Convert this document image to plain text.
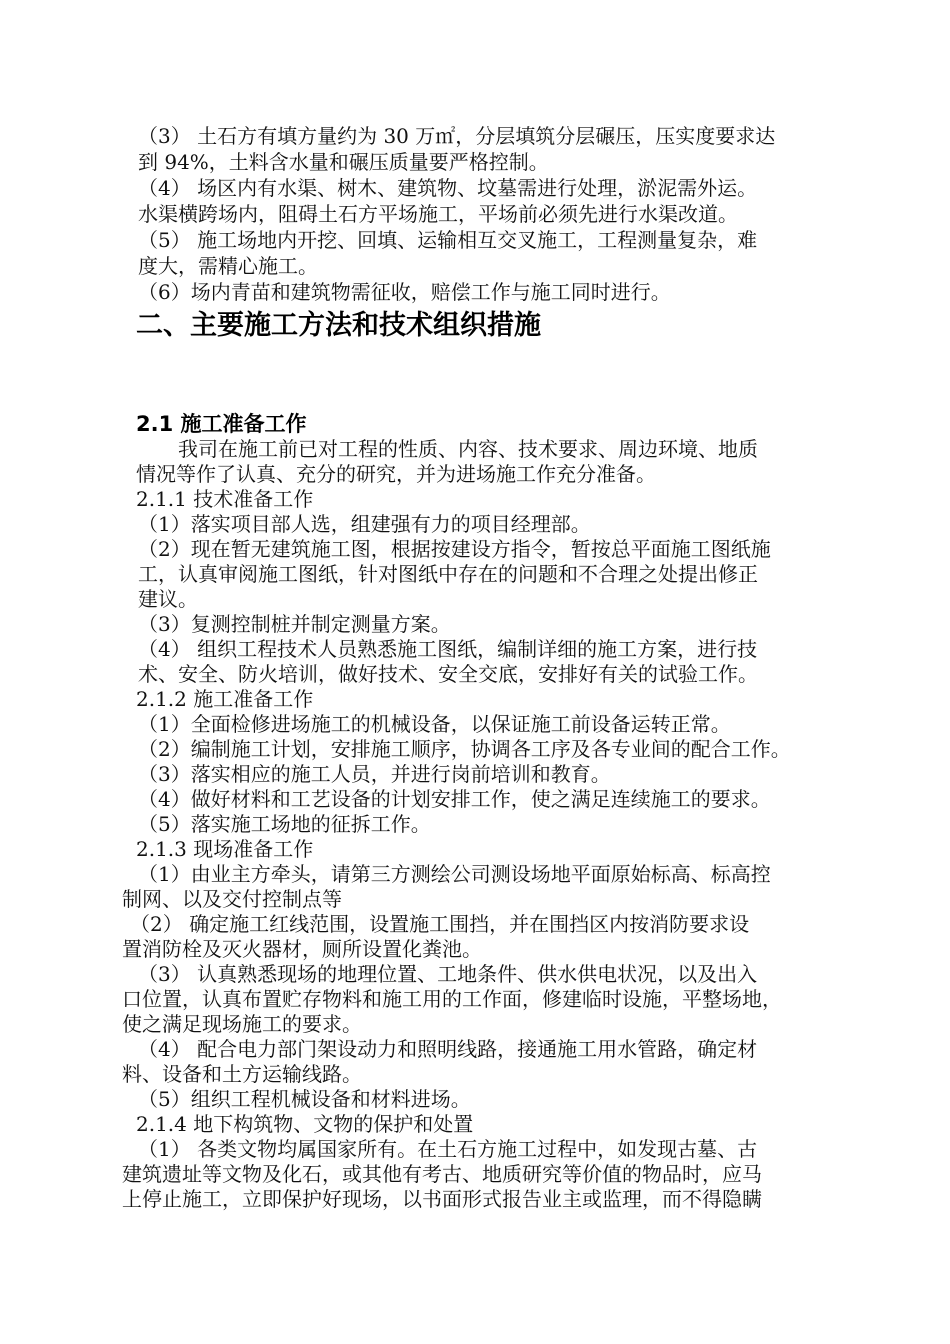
（3） 土石方有填方量约为 30 万㎡，分层填筑分层碾压，压实度要求达
到 94%，土料含水量和碾压质量要严格控制。
（4） 场区内有水渠、树木、建筑物、坟墓需进行处理，淤泥需外运。
水渠横跨场内，阻碍土石方平场施工，平场前必须先进行水渠改道。
（5） 施工场地内开挖、回填、运输相互交叉施工，工程测量复杂，难
度大，需精心施工。
（6）场内青苗和建筑物需征收，赔偿工作与施工同时进行。
二、主要施工方法和技术组织措施
2.1 施工准备工作
我司在施工前已对工程的性质、内容、技术要求、周边环境、地质
情况等作了认真、充分的研究，并为进场施工作充分准备。
2.1.1 技术准备工作
（1）落实项目部人选，组建强有力的项目经理部。
（2）现在暂无建筑施工图，根据按建设方指令，暂按总平面施工图纸施
工，认真审阅施工图纸，针对图纸中存在的问题和不合理之处提出修正
建议。
（3）复测控制桩并制定测量方案。
（4） 组织工程技术人员熟悉施工图纸，编制详细的施工方案，进行技
术、安全、防火培训，做好技术、安全交底，安排好有关的试验工作。
2.1.2 施工准备工作
（1）全面检修进场施工的机械设备，以保证施工前设备运转正常。
（2）编制施工计划，安排施工顺序，协调各工序及各专业间的配合工作。
（3）落实相应的施工人员，并进行岗前培训和教育。
（4）做好材料和工艺设备的计划安排工作，使之满足连续施工的要求。
（5）落实施工场地的征拆工作。
2.1.3 现场准备工作
（1）由业主方牵头，请第三方测绘公司测设场地平面原始标高、标高控
制网、以及交付控制点等
（2） 确定施工红线范围，设置施工围挡，并在围挡区内按消防要求设
置消防栓及灭火器材，厕所设置化粪池。
（3） 认真熟悉现场的地理位置、工地条件、供水供电状况，以及出入
口位置，认真布置贮存物料和施工用的工作面，修建临时设施，平整场地，
使之满足现场施工的要求。
（4） 配合电力部门架设动力和照明线路，接通施工用水管路，确定材
料、设备和土方运输线路。
（5）组织工程机械设备和材料进场。
2.1.4 地下构筑物、文物的保护和处置
（1） 各类文物均属国家所有。在土石方施工过程中，如发现古墓、古
建筑遗址等文物及化石，或其他有考古、地质研究等价值的物品时，应马
上停止施工，立即保护好现场，以书面形式报告业主或监理，而不得隐瞒
